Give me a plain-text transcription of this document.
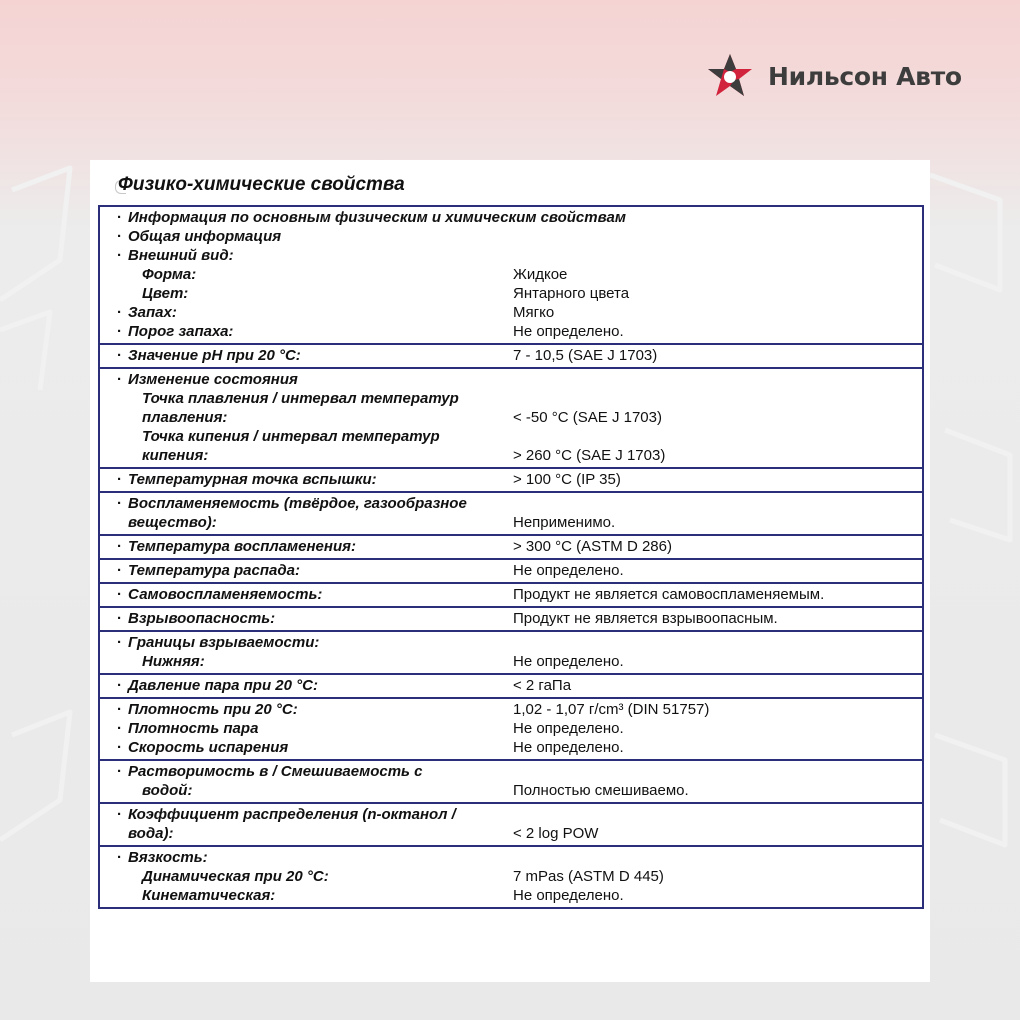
Нильсон Авто
Физико-химические свойства
· Информация по основным физическим и химическим свойствам
· Общая информация
· Внешний вид:
Форма:	Жидкое
Цвет:	Янтарного цвета
· Запах:	Мягко
· Порог запаха:	Не определено.
· Значение рН при 20 °C:	7 - 10,5 (SAE J 1703)
· Изменение состояния
Точка плавления / интервал температур
плавления:	< -50 °C (SAE J 1703)
Точка кипения / интервал температур
кипения:	> 260 °C (SAE J 1703)
· Температурная точка вспышки:	> 100 °C (IP 35)
· Воспламеняемость (твёрдое, газообразное
вещество):	Неприменимо.
· Температура воспламенения:	> 300 °C (ASTM D 286)
· Температура распада:	Не определено.
· Самовоспламеняемость:	Продукт не является самовоспламеняемым.
· Взрывоопасность:	Продукт не является взрывоопасным.
· Границы взрываемости:
Нижняя:	Не определено.
· Давление пара при 20 °C:	< 2 гаПа
· Плотность при 20 °C:	1,02 - 1,07 г/cm³ (DIN 51757)
· Плотность пара	Не определено.
· Скорость испарения	Не определено.
· Растворимость в / Смешиваемость с
водой:	Полностью смешиваемо.
· Коэффициент распределения (n-октанол /
вода):	< 2 log POW
· Вязкость:
Динамическая при 20 °C:	7 mPas (ASTM D 445)
Кинематическая:	Не определено.
